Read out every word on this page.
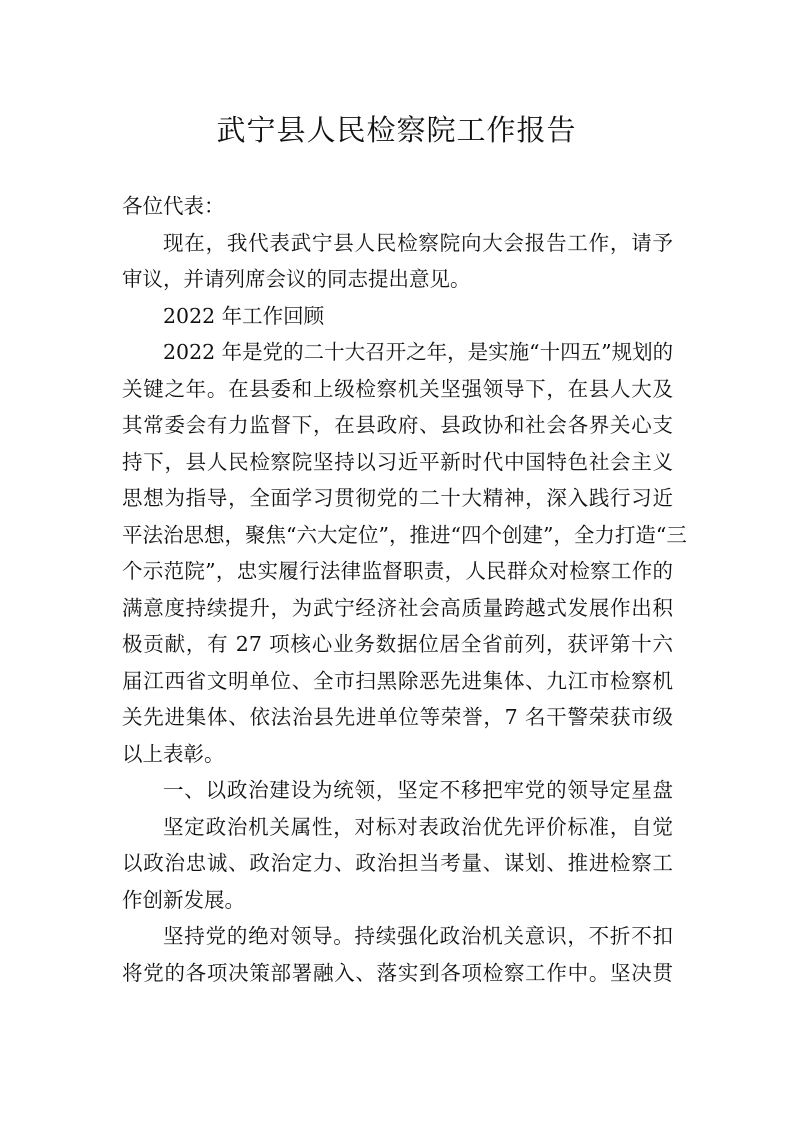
武宁县人民检察院工作报告
各位代表：
现在，我代表武宁县人民检察院向大会报告工作，请予
审议，并请列席会议的同志提出意见。
2022 年工作回顾
2022 年是党的二十大召开之年，是实施“十四五”规划的
关键之年。在县委和上级检察机关坚强领导下，在县人大及
其常委会有力监督下，在县政府、县政协和社会各界关心支
持下，县人民检察院坚持以习近平新时代中国特色社会主义
思想为指导，全面学习贯彻党的二十大精神，深入践行习近
平法治思想，聚焦“六大定位”，推进“四个创建”，全力打造“三
个示范院”，忠实履行法律监督职责，人民群众对检察工作的
满意度持续提升，为武宁经济社会高质量跨越式发展作出积
极贡献，有 27 项核心业务数据位居全省前列，获评第十六
届江西省文明单位、全市扫黑除恶先进集体、九江市检察机
关先进集体、依法治县先进单位等荣誉，7 名干警荣获市级
以上表彰。
一、以政治建设为统领，坚定不移把牢党的领导定星盘
坚定政治机关属性，对标对表政治优先评价标准，自觉
以政治忠诚、政治定力、政治担当考量、谋划、推进检察工
作创新发展。
坚持党的绝对领导。持续强化政治机关意识，不折不扣
将党的各项决策部署融入、落实到各项检察工作中。坚决贯
